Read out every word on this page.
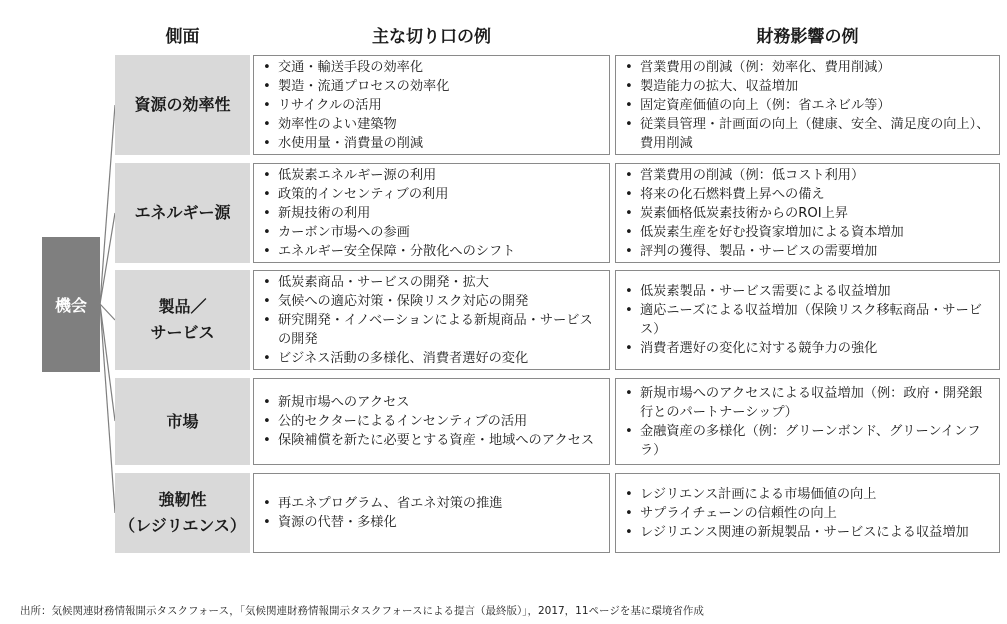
側面	主な切り口の例	財務影響の例
機会
資源の効率性
• 交通・輸送手段の効率化
• 製造・流通プロセスの効率化
• リサイクルの活用
• 効率性のよい建築物
• 水使用量・消費量の削減
• 営業費用の削減（例：効率化、費用削減）
• 製造能力の拡大、収益増加
• 固定資産価値の向上（例：省エネビル等）
• 従業員管理・計画面の向上（健康、安全、満足度の向上）、費用削減
エネルギー源
• 低炭素エネルギー源の利用
• 政策的インセンティブの利用
• 新規技術の利用
• カーボン市場への参画
• エネルギー安全保障・分散化へのシフト
• 営業費用の削減（例：低コスト利用）
• 将来の化石燃料費上昇への備え
• 炭素価格低炭素技術からのROI上昇
• 低炭素生産を好む投資家増加による資本増加
• 評判の獲得、製品・サービスの需要増加
製品／
サービス
• 低炭素商品・サービスの開発・拡大
• 気候への適応対策・保険リスク対応の開発
• 研究開発・イノベーションによる新規商品・サービスの開発
• ビジネス活動の多様化、消費者選好の変化
• 低炭素製品・サービス需要による収益増加
• 適応ニーズによる収益増加（保険リスク移転商品・サービス）
• 消費者選好の変化に対する競争力の強化
市場
• 新規市場へのアクセス
• 公的セクターによるインセンティブの活用
• 保険補償を新たに必要とする資産・地域へのアクセス
• 新規市場へのアクセスによる収益増加（例：政府・開発銀行とのパートナーシップ）
• 金融資産の多様化（例：グリーンボンド、グリーンインフラ）
強靭性
（レジリエンス）
• 再エネプログラム、省エネ対策の推進
• 資源の代替・多様化
• レジリエンス計画による市場価値の向上
• サプライチェーンの信頼性の向上
• レジリエンス関連の新規製品・サービスによる収益増加
出所：気候関連財務情報開示タスクフォース，「気候関連財務情報開示タスクフォースによる提言（最終版）」，2017，11ページを基に環境省作成
